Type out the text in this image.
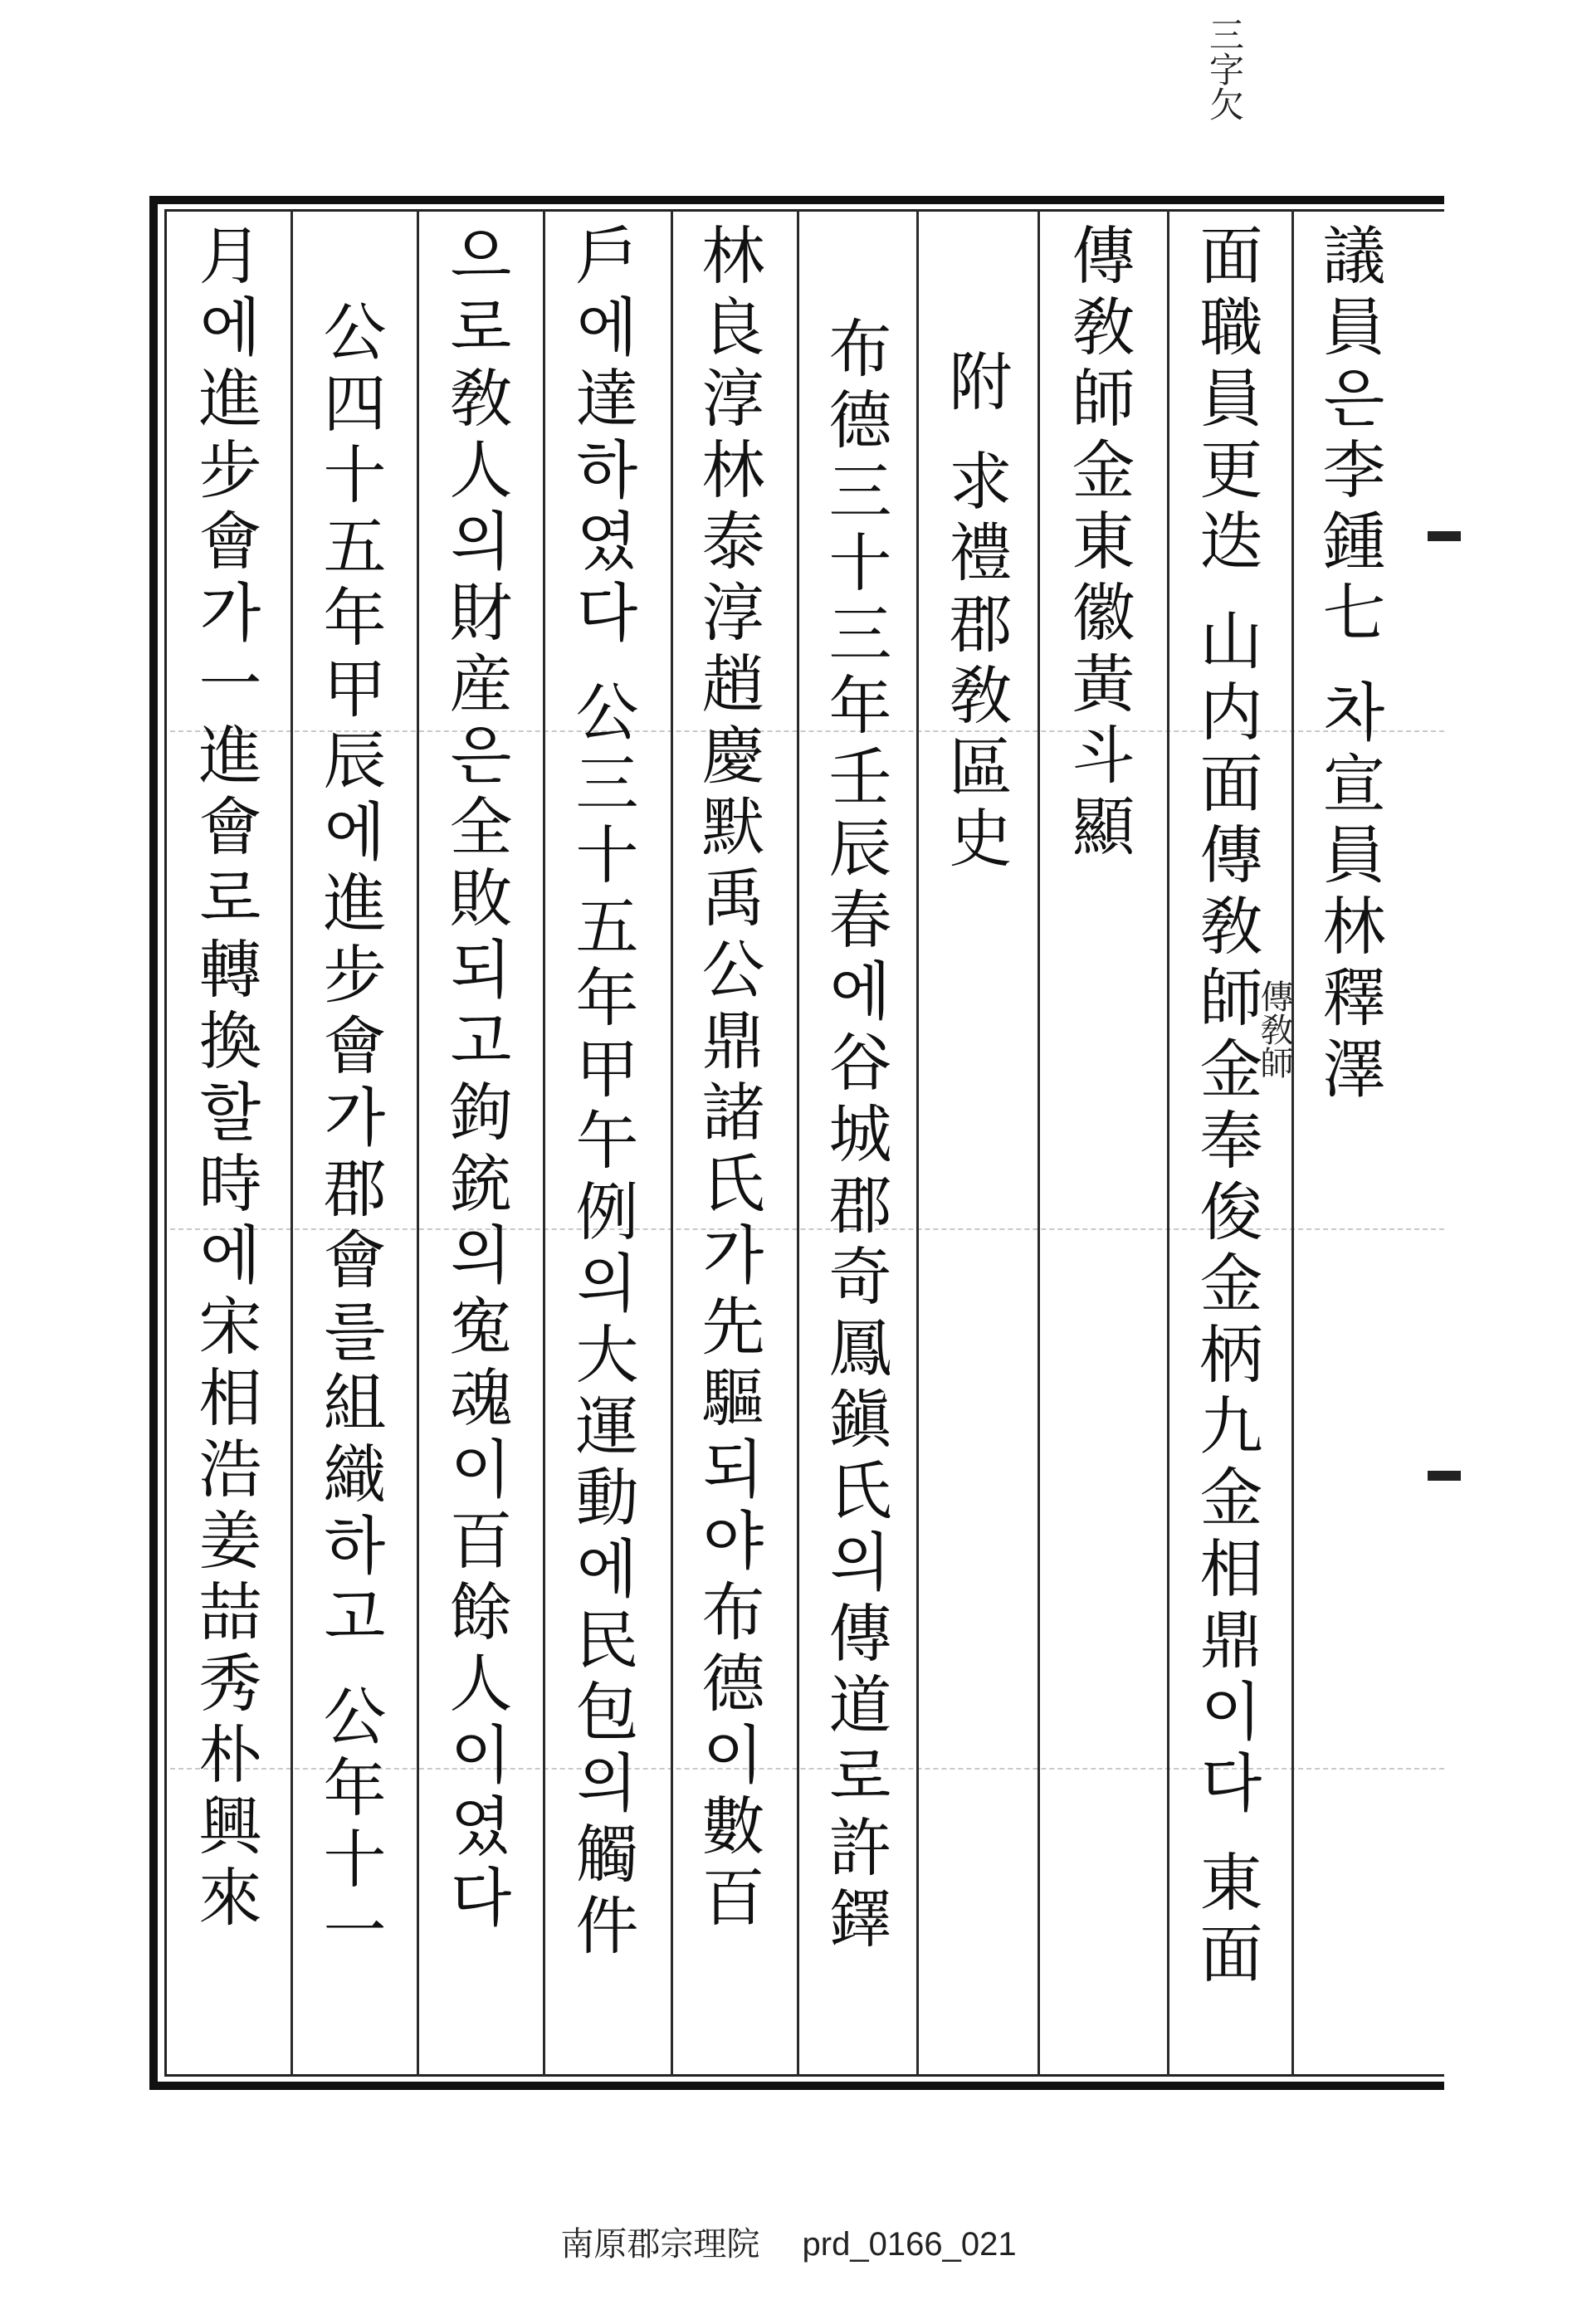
三字欠
議員은李鍾七 차宣員林釋澤
面職員更迭 山内面傳敎師金奉俊金柄九金相鼎이다 東面
傳敎師金東徽黃斗顯
附 求禮郡敎區史
布德三十三年壬辰春에谷城郡奇鳳鎭氏의傳道로許鐸
林良淳林泰淳趙慶默禹公鼎諸氏가先驅되야布德이數百
戶에達하였다 公三十五年甲午例의大運動에民包의觸件
으로敎人의財産은全敗되고鉤銃의寃魂이百餘人이였다
公四十五年甲辰에進步會가郡會를組織하고 公年十一
月에進步會가一進會로轉換할時에宋相浩姜喆秀朴興來	傳敎師
南原郡宗理院 prd_0166_021
